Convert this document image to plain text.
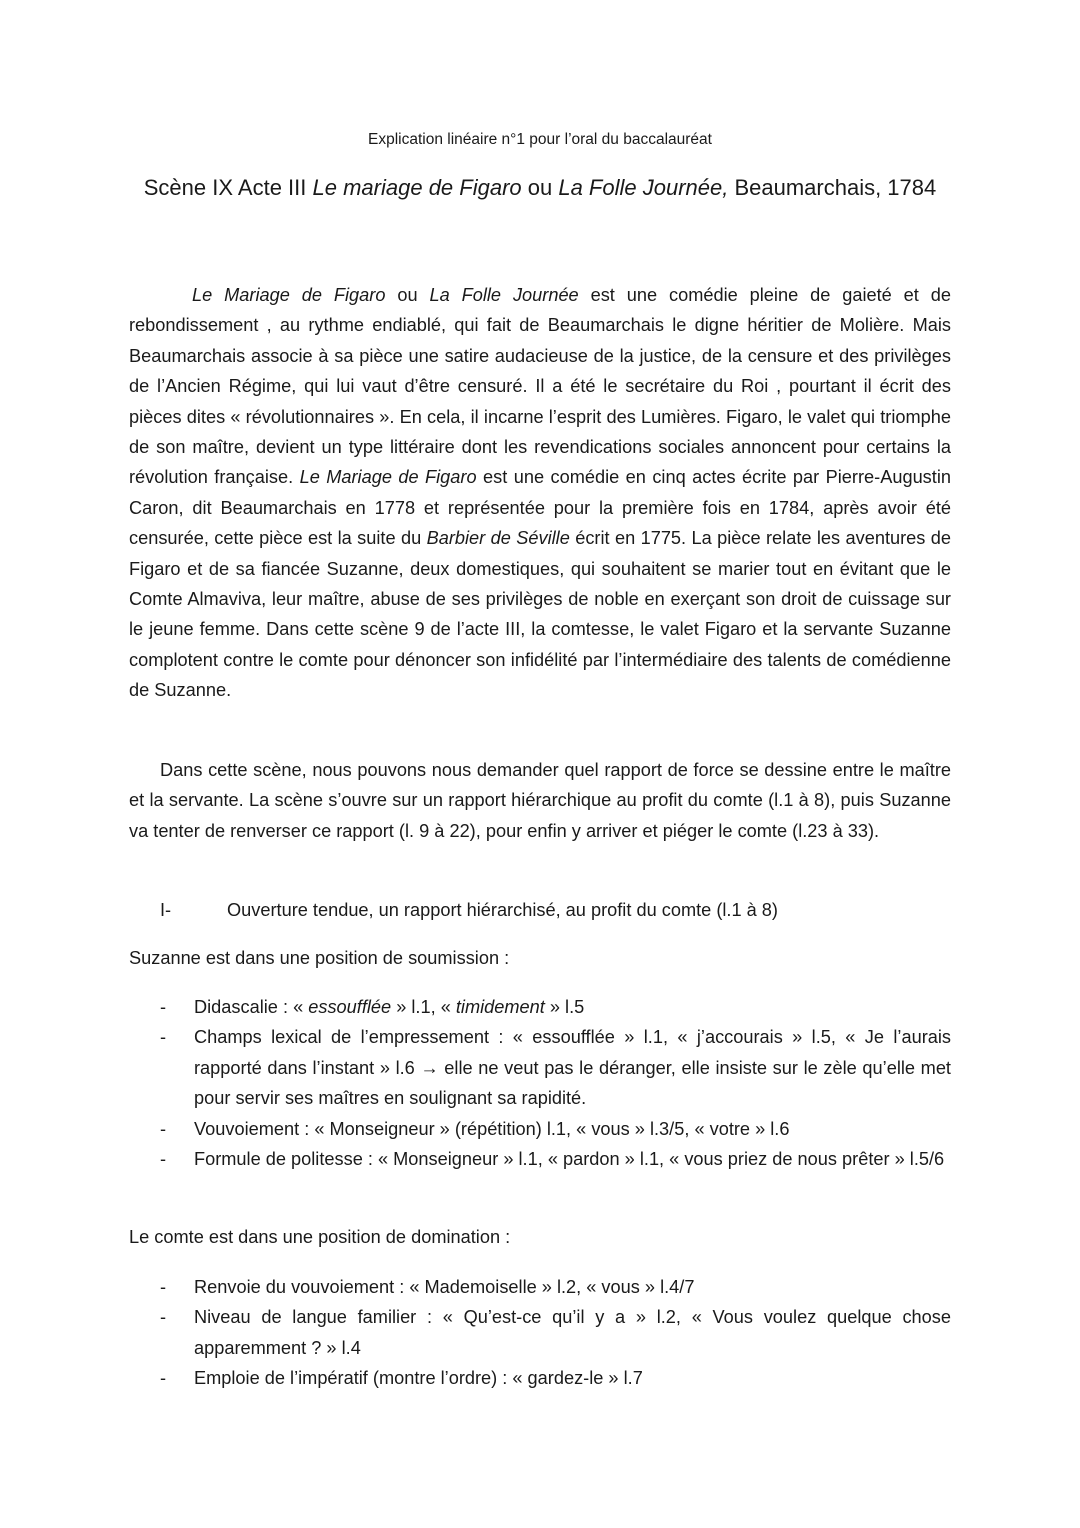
Explication linéaire n°1 pour l’oral du baccalauréat
Scène IX Acte III Le mariage de Figaro ou La Folle Journée, Beaumarchais, 1784

Le Mariage de Figaro ou La Folle Journée est une comédie pleine de gaieté et de rebondissement , au rythme endiablé, qui fait de Beaumarchais le digne héritier de Molière. Mais Beaumarchais associe à sa pièce une satire audacieuse de la justice, de la censure et des privilèges de l’Ancien Régime, qui lui vaut d’être censuré. Il a été le secrétaire du Roi , pourtant il écrit des pièces dites « révolutionnaires ». En cela, il incarne l’esprit des Lumières. Figaro, le valet qui triomphe de son maître, devient un type littéraire dont les revendications sociales annoncent pour certains la révolution française. Le Mariage de Figaro est une comédie en cinq actes écrite par Pierre-Augustin Caron, dit Beaumarchais en 1778 et représentée pour la première fois en 1784, après avoir été censurée, cette pièce est la suite du Barbier de Séville écrit en 1775. La pièce relate les aventures de Figaro et de sa fiancée Suzanne, deux domestiques, qui souhaitent se marier tout en évitant que le Comte Almaviva, leur maître, abuse de ses privilèges de noble en exerçant son droit de cuissage sur le jeune femme. Dans cette scène 9 de l’acte III, la comtesse, le valet Figaro et la servante Suzanne complotent contre le comte pour dénoncer son infidélité par l’intermédiaire des talents de comédienne de Suzanne.

Dans cette scène, nous pouvons nous demander quel rapport de force se dessine entre le maître et la servante. La scène s’ouvre sur un rapport hiérarchique au profit du comte (l.1 à 8), puis Suzanne va tenter de renverser ce rapport (l. 9 à 22), pour enfin y arriver et piéger le comte (l.23 à 33).

I-	Ouverture tendue, un rapport hiérarchisé, au profit du comte (l.1 à 8)
Suzanne est dans une position de soumission :
- Didascalie : « essoufflée » l.1, « timidement » l.5
- Champs lexical de l’empressement : « essoufflée » l.1, « j’accourais » l.5, « Je l’aurais rapporté dans l’instant » l.6 → elle ne veut pas le déranger, elle insiste sur le zèle qu’elle met pour servir ses maîtres en soulignant sa rapidité.
- Vouvoiement : « Monseigneur » (répétition) l.1, « vous » l.3/5, « votre » l.6
- Formule de politesse : « Monseigneur » l.1, « pardon » l.1, « vous priez de nous prêter » l.5/6
Le comte est dans une position de domination :
- Renvoie du vouvoiement : « Mademoiselle » l.2, « vous » l.4/7
- Niveau de langue familier : « Qu’est-ce qu’il y a » l.2, « Vous voulez quelque chose apparemment ? » l.4
- Emploie de l’impératif (montre l’ordre) : « gardez-le » l.7
